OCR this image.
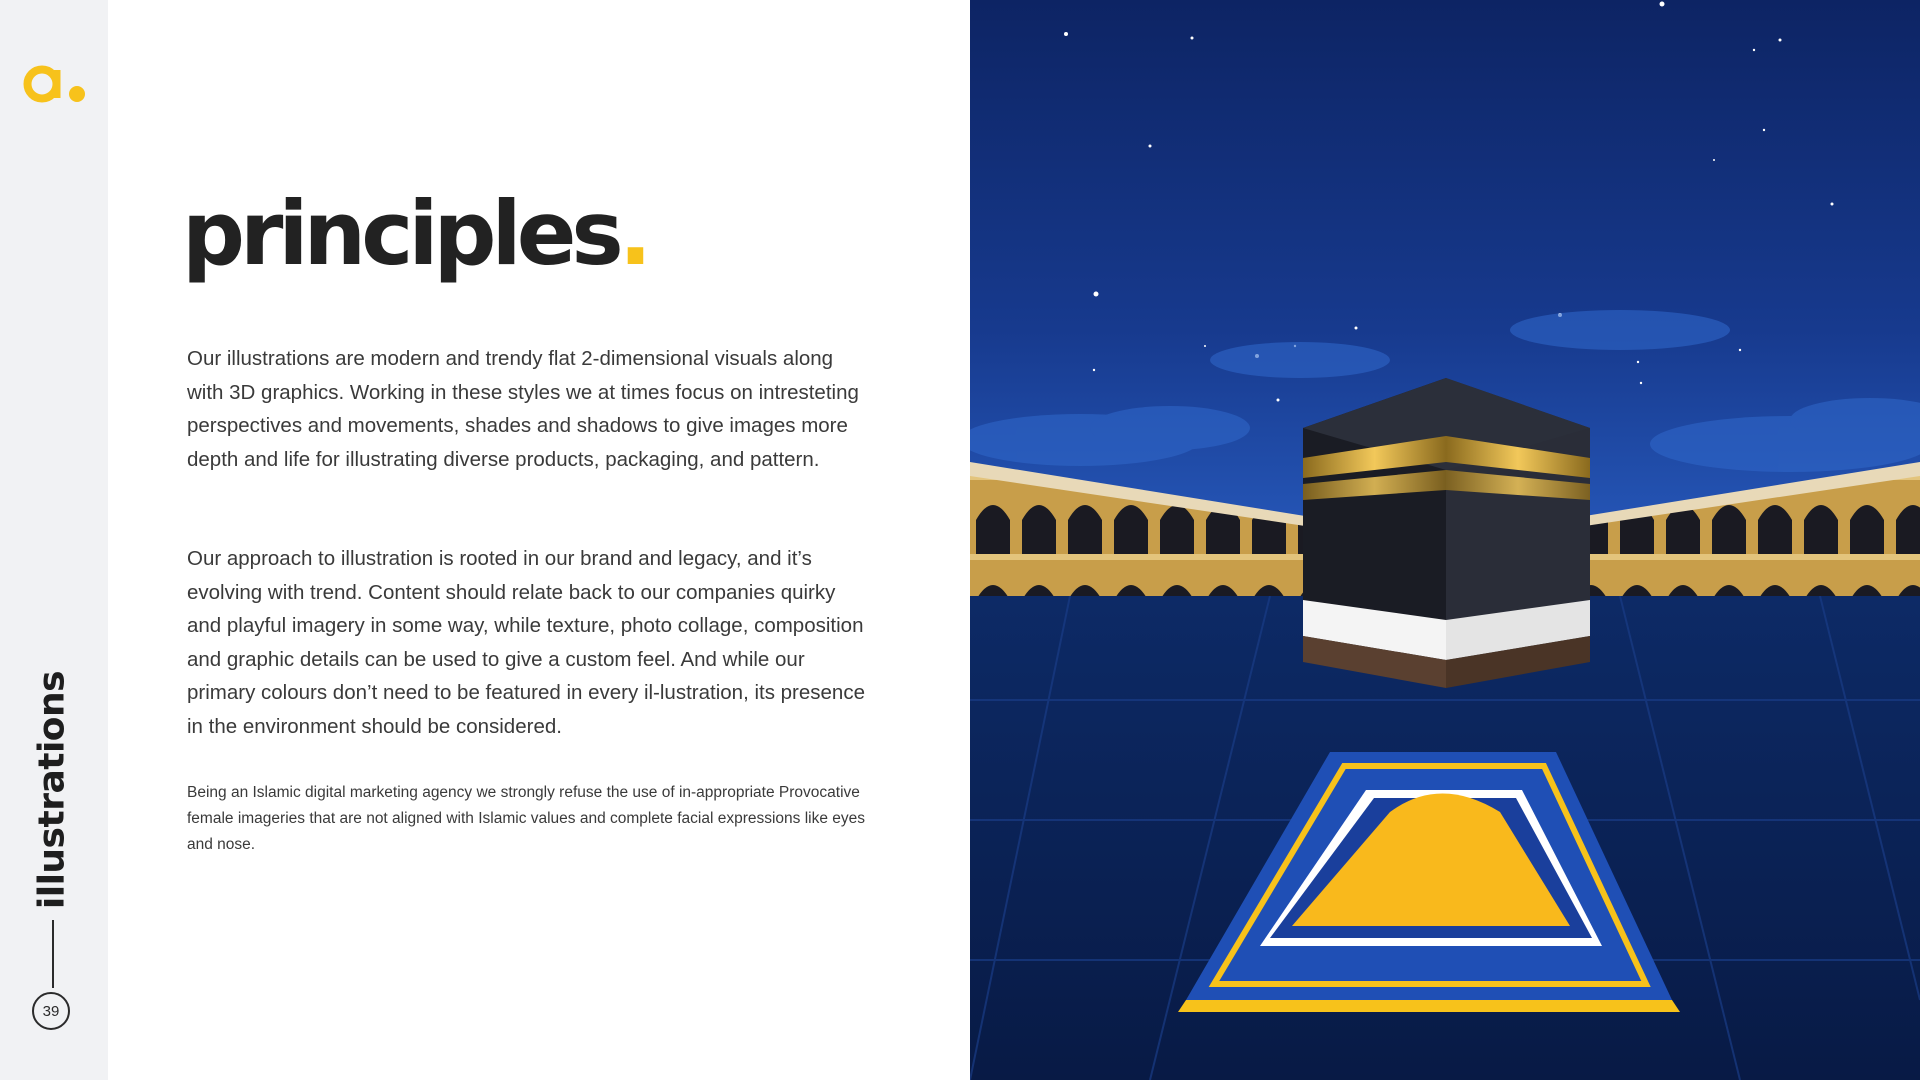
illustrations
39
principles.

Our illustrations are modern and trendy flat 2-dimensional visuals along with 3D graphics. Working in these styles we at times focus on intresteting perspectives and movements, shades and shadows to give images more depth and life for illustrating diverse products, packaging, and pattern.

Our approach to illustration is rooted in our brand and legacy, and it’s evolving with trend. Content should relate back to our companies quirky and playful imagery in some way, while texture, photo collage, composition and graphic details can be used to give a custom feel. And while our primary colours don’t need to be featured in every il-lustration, its presence in the environment should be considered.

Being an Islamic digital marketing agency we strongly refuse the use of in-appropriate Provocative female imageries that are not aligned with Islamic values and complete facial expressions like eyes and nose.
